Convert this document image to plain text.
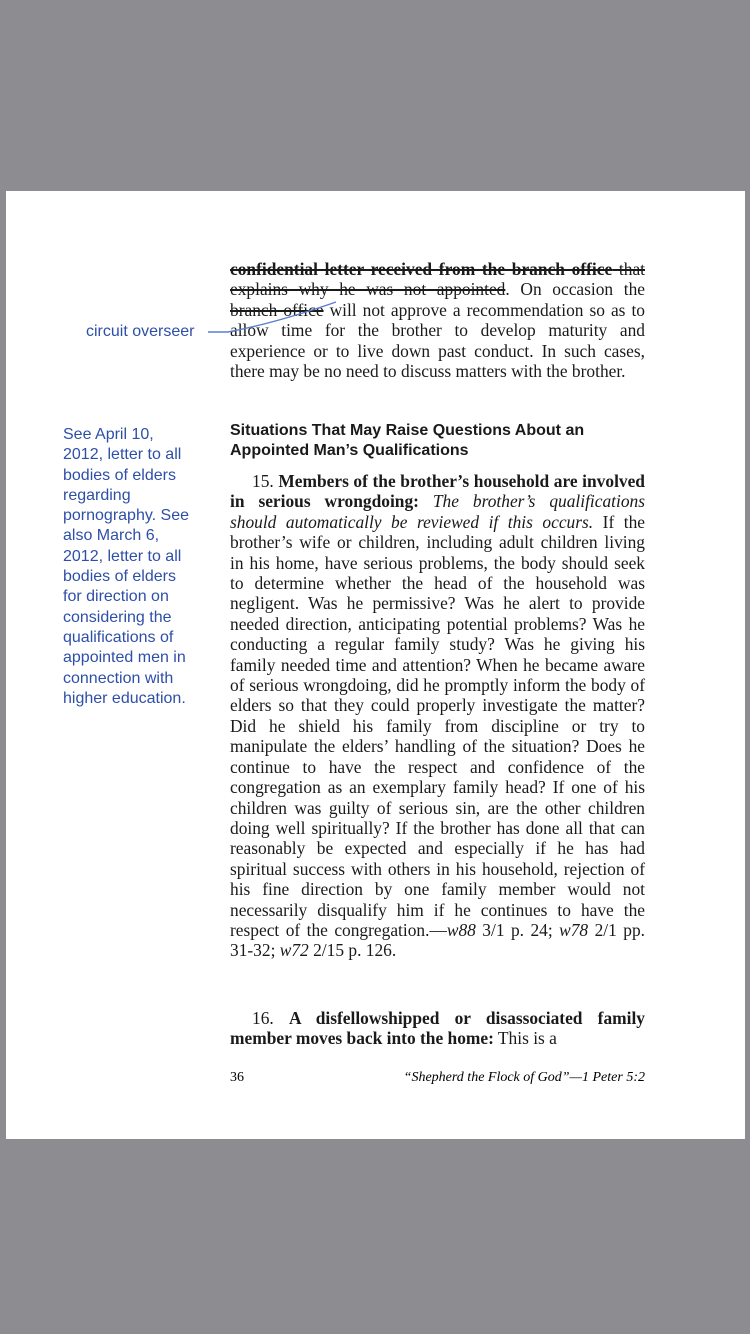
confidential letter received from the branch office that explains why he was not appointed. On occasion the branch office will not approve a recommendation so as to allow time for the brother to develop maturity and experience or to live down past conduct. In such cases, there may be no need to discuss matters with the brother.

circuit overseer
See April 10,
2012, letter to all
bodies of elders
regarding
pornography. See
also March 6,
2012, letter to all
bodies of elders
for direction on
considering the
qualifications of
appointed men in
connection with
higher education.
Situations That May Raise Questions About an Appointed Man’s Qualifications

15. Members of the brother’s household are involved in serious wrongdoing: The brother’s qualifications should automatically be reviewed if this occurs. If the brother’s wife or children, including adult children living in his home, have serious problems, the body should seek to determine whether the head of the household was negligent. Was he permissive? Was he alert to provide needed direction, anticipating potential problems? Was he conducting a regular family study? Was he giving his family needed time and attention? When he became aware of serious wrongdoing, did he promptly inform the body of elders so that they could properly investigate the matter? Did he shield his family from discipline or try to manipulate the elders’ handling of the situation? Does he continue to have the respect and confidence of the congregation as an exemplary family head? If one of his children was guilty of serious sin, are the other children doing well spiritually? If the brother has done all that can reasonably be expected and especially if he has had spiritual success with others in his household, rejection of his fine direction by one family member would not necessarily disqualify him if he continues to have the respect of the congregation.—w88 3/1 p. 24; w78 2/1 pp. 31-32; w72 2/15 p. 126.

16. A disfellowshipped or disassociated family member moves back into the home: This is a

36	“Shepherd the Flock of God”—1 Peter 5:2
